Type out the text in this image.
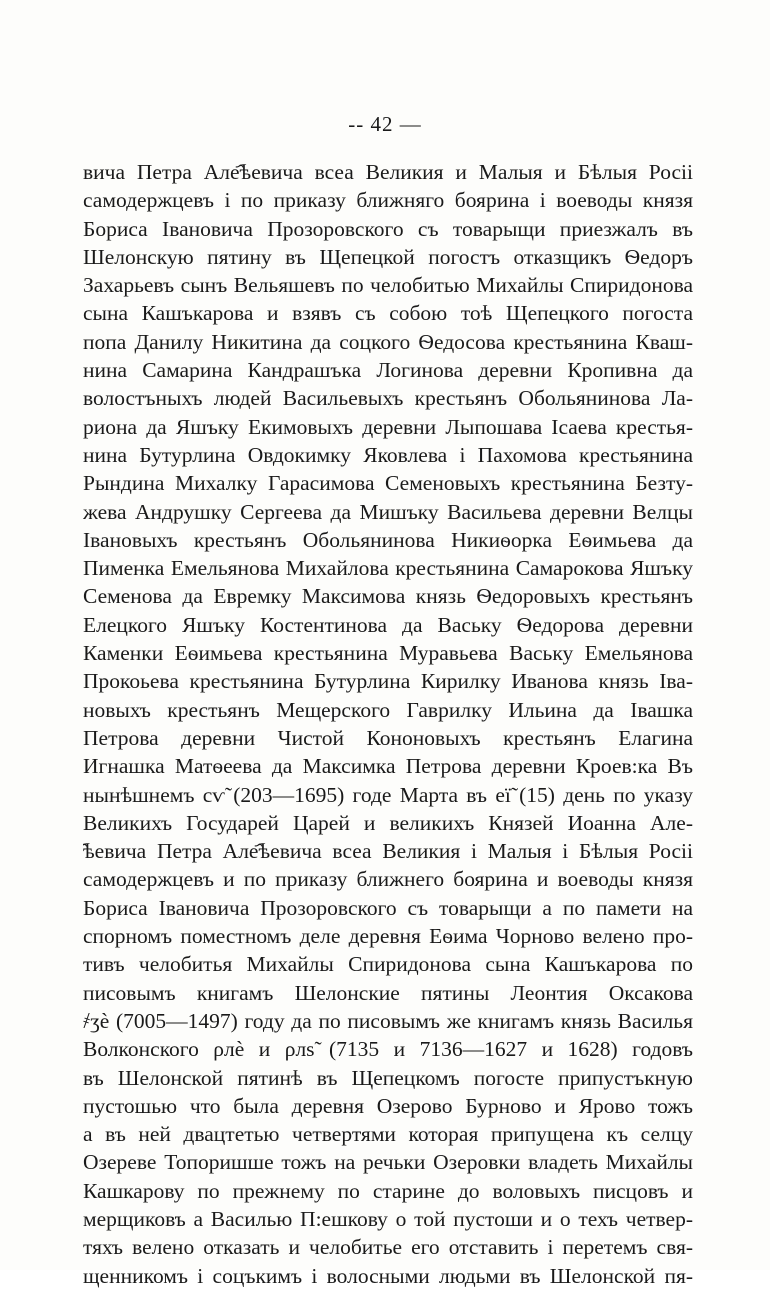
-- 42 —
вича Петра Але҄ѣевича всеа Великия и Малыя и Бѣлыя Росіі
самодержцевъ і по приказу ближняго боярина і воеводы князя
Бориса Івановича Прозоровского съ товарыщи приезжалъ въ
Шелонскую пятину въ Щепецкой погостъ отказщикъ Ѳедоръ
Захарьевъ сынъ Вельяшевъ по челобитью Михайлы Спиридонова
сына Кашъкарова и взявъ съ собою тоѣ Щепецкого погоста
попа Данилу Никитина да соцкого Ѳедосова крестьянина Кваш-
нина Самарина Кандрашъка Логинова деревни Кропивна да
волостъныхъ людей Васильевыхъ крестьянъ Обольянинова Ла-
риона да Яшъку Екимовыхъ деревни Лыпошава Ісаева крестья-
нина Бутурлина Овдокимку Яковлева і Пахомова крестьянина
Рындина Михалку Гарасимова Семеновыхъ крестьянина Безту-
жева Андрушку Сергеева да Мишъку Васильева деревни Велцы
Івановыхъ крестьянъ Обольянинова Никиѳорка Еѳимьева да
Пименка Емельянова Михайлова крестьянина Самарокова Яшъку
Семенова да Евремку Максимова князь Ѳедоровыхъ крестьянъ
Елецкого Яшъку Костентинова да Ваську Ѳедорова деревни
Каменки Еѳимьева крестьянина Муравьева Ваську Емельянова
Прокоьева крестьянина Бутурлина Кирилку Иванова князь Іва-
новыхъ крестьянъ Мещерского Гаврилку Ильина да Івашка
Петрова деревни Чистой Кононовыхъ крестьянъ Елагина
Игнашка Матѳеева да Максимка Петрова деревни Кроев:ка Въ
нынѣшнемъ сѵ̃ (203—1695) годе Марта въ еї̃ (15) день по указу
Великихъ Государей Царей и великихъ Князей Иоанна Але-
҄ѣевича Петра Але҄ѣевича всеа Великия і Малыя і Бѣлыя Росіі
самодержцевъ и по приказу ближнего боярина и воеводы князя
Бориса Івановича Прозоровского съ товарыщи а по памети на
спорномъ поместномъ деле деревня Еѳима Чорново велено про-
тивъ челобитья Михайлы Спиридонова сына Кашъкарова по
писовымъ книгамъ Шелонские пятины Леонтия Оксакова
҂ʒѐ (7005—1497) году да по писовымъ же книгамъ князь Василья
Волконского ρлѐ и ρлѕ̃ (7135 и 7136—1627 и 1628) годовъ
въ Шелонской пятинѣ въ Щепецкомъ погосте припустъкную
пустошью что была деревня Озерово Бурново и Ярово тожъ
а въ ней двацтетью четвертями которая припущена къ селцу
Озереве Топоришше тожъ на речьки Озеровки владеть Михайлы
Кашкарову по прежнему по старине до воловыхъ писцовъ и
мерщиковъ а Василью П:ешкову о той пустоши и о техъ четвер-
тяхъ велено отказать и челобитье его отставить і перетемъ свя-
щенникомъ і соцъкимъ і волосными людьми въ Шелонской пя-
